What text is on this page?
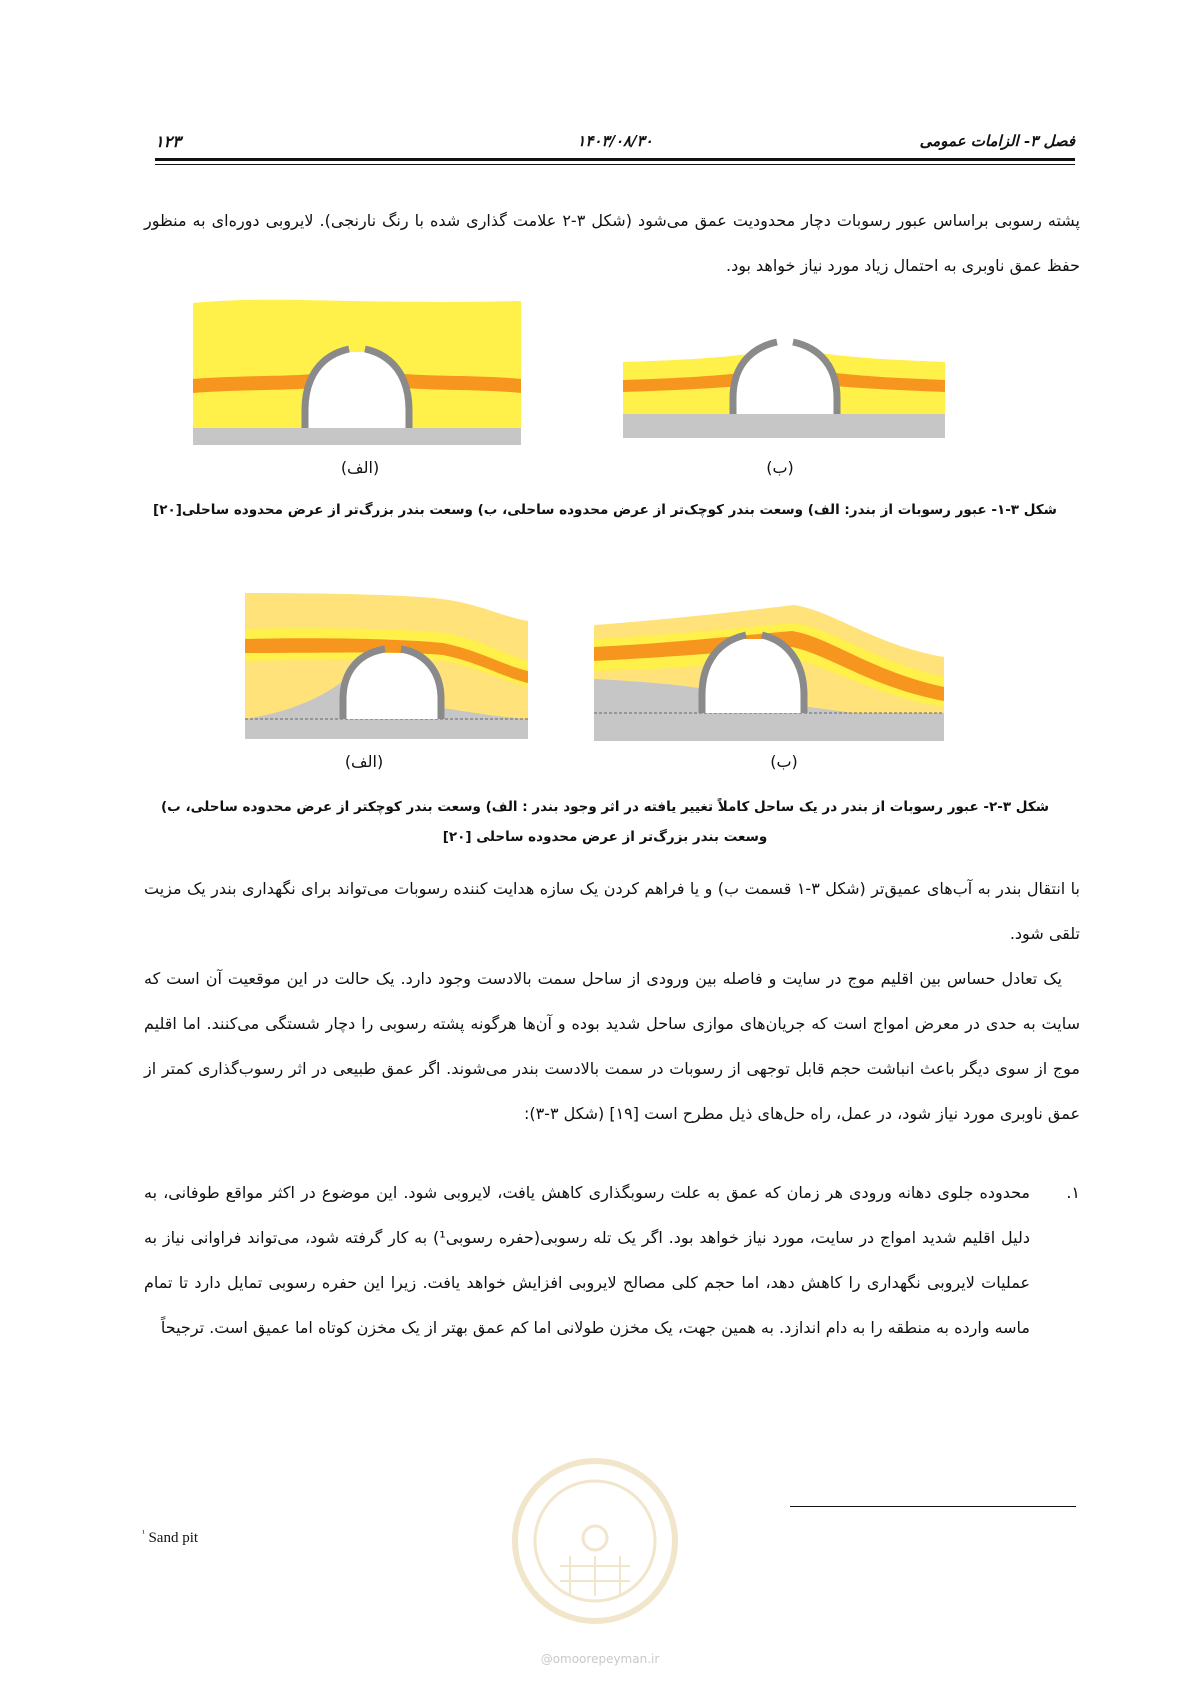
فصل ۳- الزامات عمومی
۱۴۰۳/۰۸/۳۰
۱۲۳
پشته رسوبی براساس عبور رسوبات دچار محدودیت عمق می‌شود (شکل ۳-۲ علامت گذاری شده با رنگ نارنجی). لایروبی دوره‌ای به منظور حفظ عمق ناوبری به احتمال زیاد مورد نیاز خواهد بود.
(الف)	(ب)
شکل ۳-۱- عبور رسوبات از بندر: الف) وسعت بندر کوچک‌تر از عرض محدوده ساحلی، ب) وسعت بندر بزرگ‌تر از عرض محدوده ساحلی[۲۰]
(الف)	(ب)
شکل ۳-۲- عبور رسوبات از بندر در یک ساحل کاملاً تغییر یافته در اثر وجود بندر : الف) وسعت بندر کوچکتر از عرض محدوده ساحلی، ب) وسعت بندر بزرگ‌تر از عرض محدوده ساحلی [۲۰]
با انتقال بندر به آب‌های عمیق‌تر (شکل ۳-۱ قسمت ب) و یا فراهم کردن یک سازه هدایت کننده رسوبات می‌تواند برای نگهداری بندر یک مزیت تلقی شود.
یک تعادل حساس بین اقلیم موج در سایت و فاصله بین ورودی از ساحل سمت بالادست وجود دارد. یک حالت در این موقعیت آن است که سایت به حدی در معرض امواج است که جریان‌های موازی ساحل شدید بوده و آن‌ها هرگونه پشته رسوبی را دچار شستگی می‌کنند. اما اقلیم موج از سوی دیگر باعث انباشت حجم قابل توجهی از رسوبات در سمت بالادست بندر می‌شوند. اگر عمق طبیعی در اثر رسوب‌گذاری کمتر از عمق ناوبری مورد نیاز شود، در عمل، راه حل‌های ذیل مطرح است [۱۹] (شکل ۳-۳):
۱.
محدوده جلوی دهانه ورودی هر زمان که عمق به علت رسوبگذاری کاهش یافت، لایروبی شود. این موضوع در اکثر مواقع طوفانی، به دلیل اقلیم شدید امواج در سایت، مورد نیاز خواهد بود. اگر یک تله رسوبی(حفره رسوبی¹) به کار گرفته شود، می‌تواند فراوانی نیاز به عملیات لایروبی نگهداری را کاهش دهد، اما حجم کلی مصالح لایروبی افزایش خواهد یافت. زیرا این حفره رسوبی تمایل دارد تا تمام ماسه وارده به منطقه را به دام اندازد. به همین جهت، یک مخزن طولانی اما کم عمق بهتر از یک مخزن کوتاه اما عمیق است. ترجیحاً
$^{^1}$ Sand pit
@omoorepeyman.ir
